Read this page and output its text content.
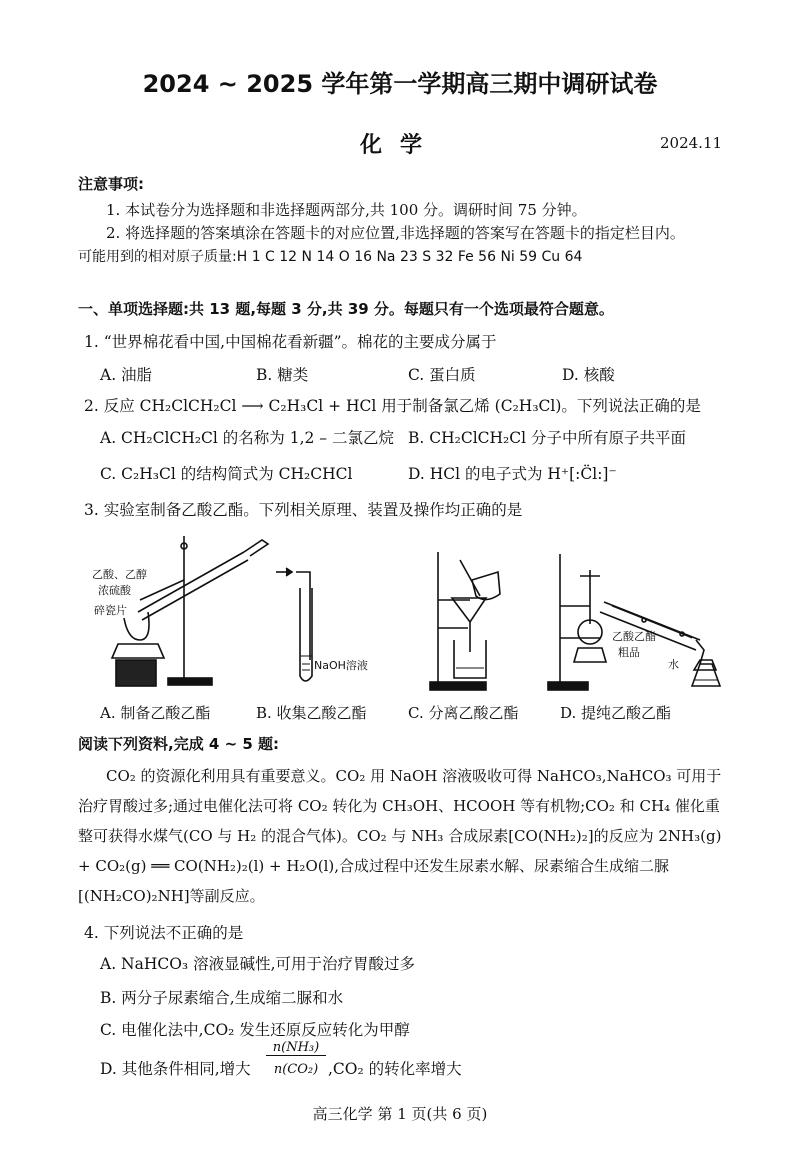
2024 ~ 2025 学年第一学期高三期中调研试卷
化学	2024.11
注意事项:
1. 本试卷分为选择题和非选择题两部分,共 100 分。调研时间 75 分钟。
2. 将选择题的答案填涂在答题卡的对应位置,非选择题的答案写在答题卡的指定栏目内。
可能用到的相对原子质量:H 1 C 12 N 14 O 16 Na 23 S 32 Fe 56 Ni 59 Cu 64
一、单项选择题:共 13 题,每题 3 分,共 39 分。每题只有一个选项最符合题意。
1. “世界棉花看中国,中国棉花看新疆”。棉花的主要成分属于
A. 油脂	B. 糖类	C. 蛋白质	D. 核酸
2. 反应 CH₂ClCH₂Cl ⟶ C₂H₃Cl + HCl 用于制备氯乙烯 (C₂H₃Cl)。下列说法正确的是
A. CH₂ClCH₂Cl 的名称为 1,2 – 二氯乙烷 B. CH₂ClCH₂Cl 分子中所有原子共平面
C. C₂H₃Cl 的结构简式为 CH₂CHCl	D. HCl 的电子式为 H⁺[:C̈l:]⁻
3. 实验室制备乙酸乙酯。下列相关原理、装置及操作均正确的是
乙酸、乙醇
浓硫酸
碎瓷片
NaOH溶液
乙酸乙酯
粗品
水
A. 制备乙酸乙酯	B. 收集乙酸乙酯	C. 分离乙酸乙酯	D. 提纯乙酸乙酯
阅读下列资料,完成 4 ~ 5 题:
CO₂ 的资源化利用具有重要意义。CO₂ 用 NaOH 溶液吸收可得 NaHCO₃,NaHCO₃ 可用于治疗胃酸过多;通过电催化法可将 CO₂ 转化为 CH₃OH、HCOOH 等有机物;CO₂ 和 CH₄ 催化重整可获得水煤气(CO 与 H₂ 的混合气体)。CO₂ 与 NH₃ 合成尿素[CO(NH₂)₂]的反应为 2NH₃(g) + CO₂(g) ══ CO(NH₂)₂(l) + H₂O(l),合成过程中还发生尿素水解、尿素缩合生成缩二脲[(NH₂CO)₂NH]等副反应。
4. 下列说法不正确的是
A. NaHCO₃ 溶液显碱性,可用于治疗胃酸过多
B. 两分子尿素缩合,生成缩二脲和水
C. 电催化法中,CO₂ 发生还原反应转化为甲醇
D. 其他条件相同,增大
n(NH₃)
n(CO₂) ,CO₂ 的转化率增大
高三化学 第 1 页(共 6 页)
